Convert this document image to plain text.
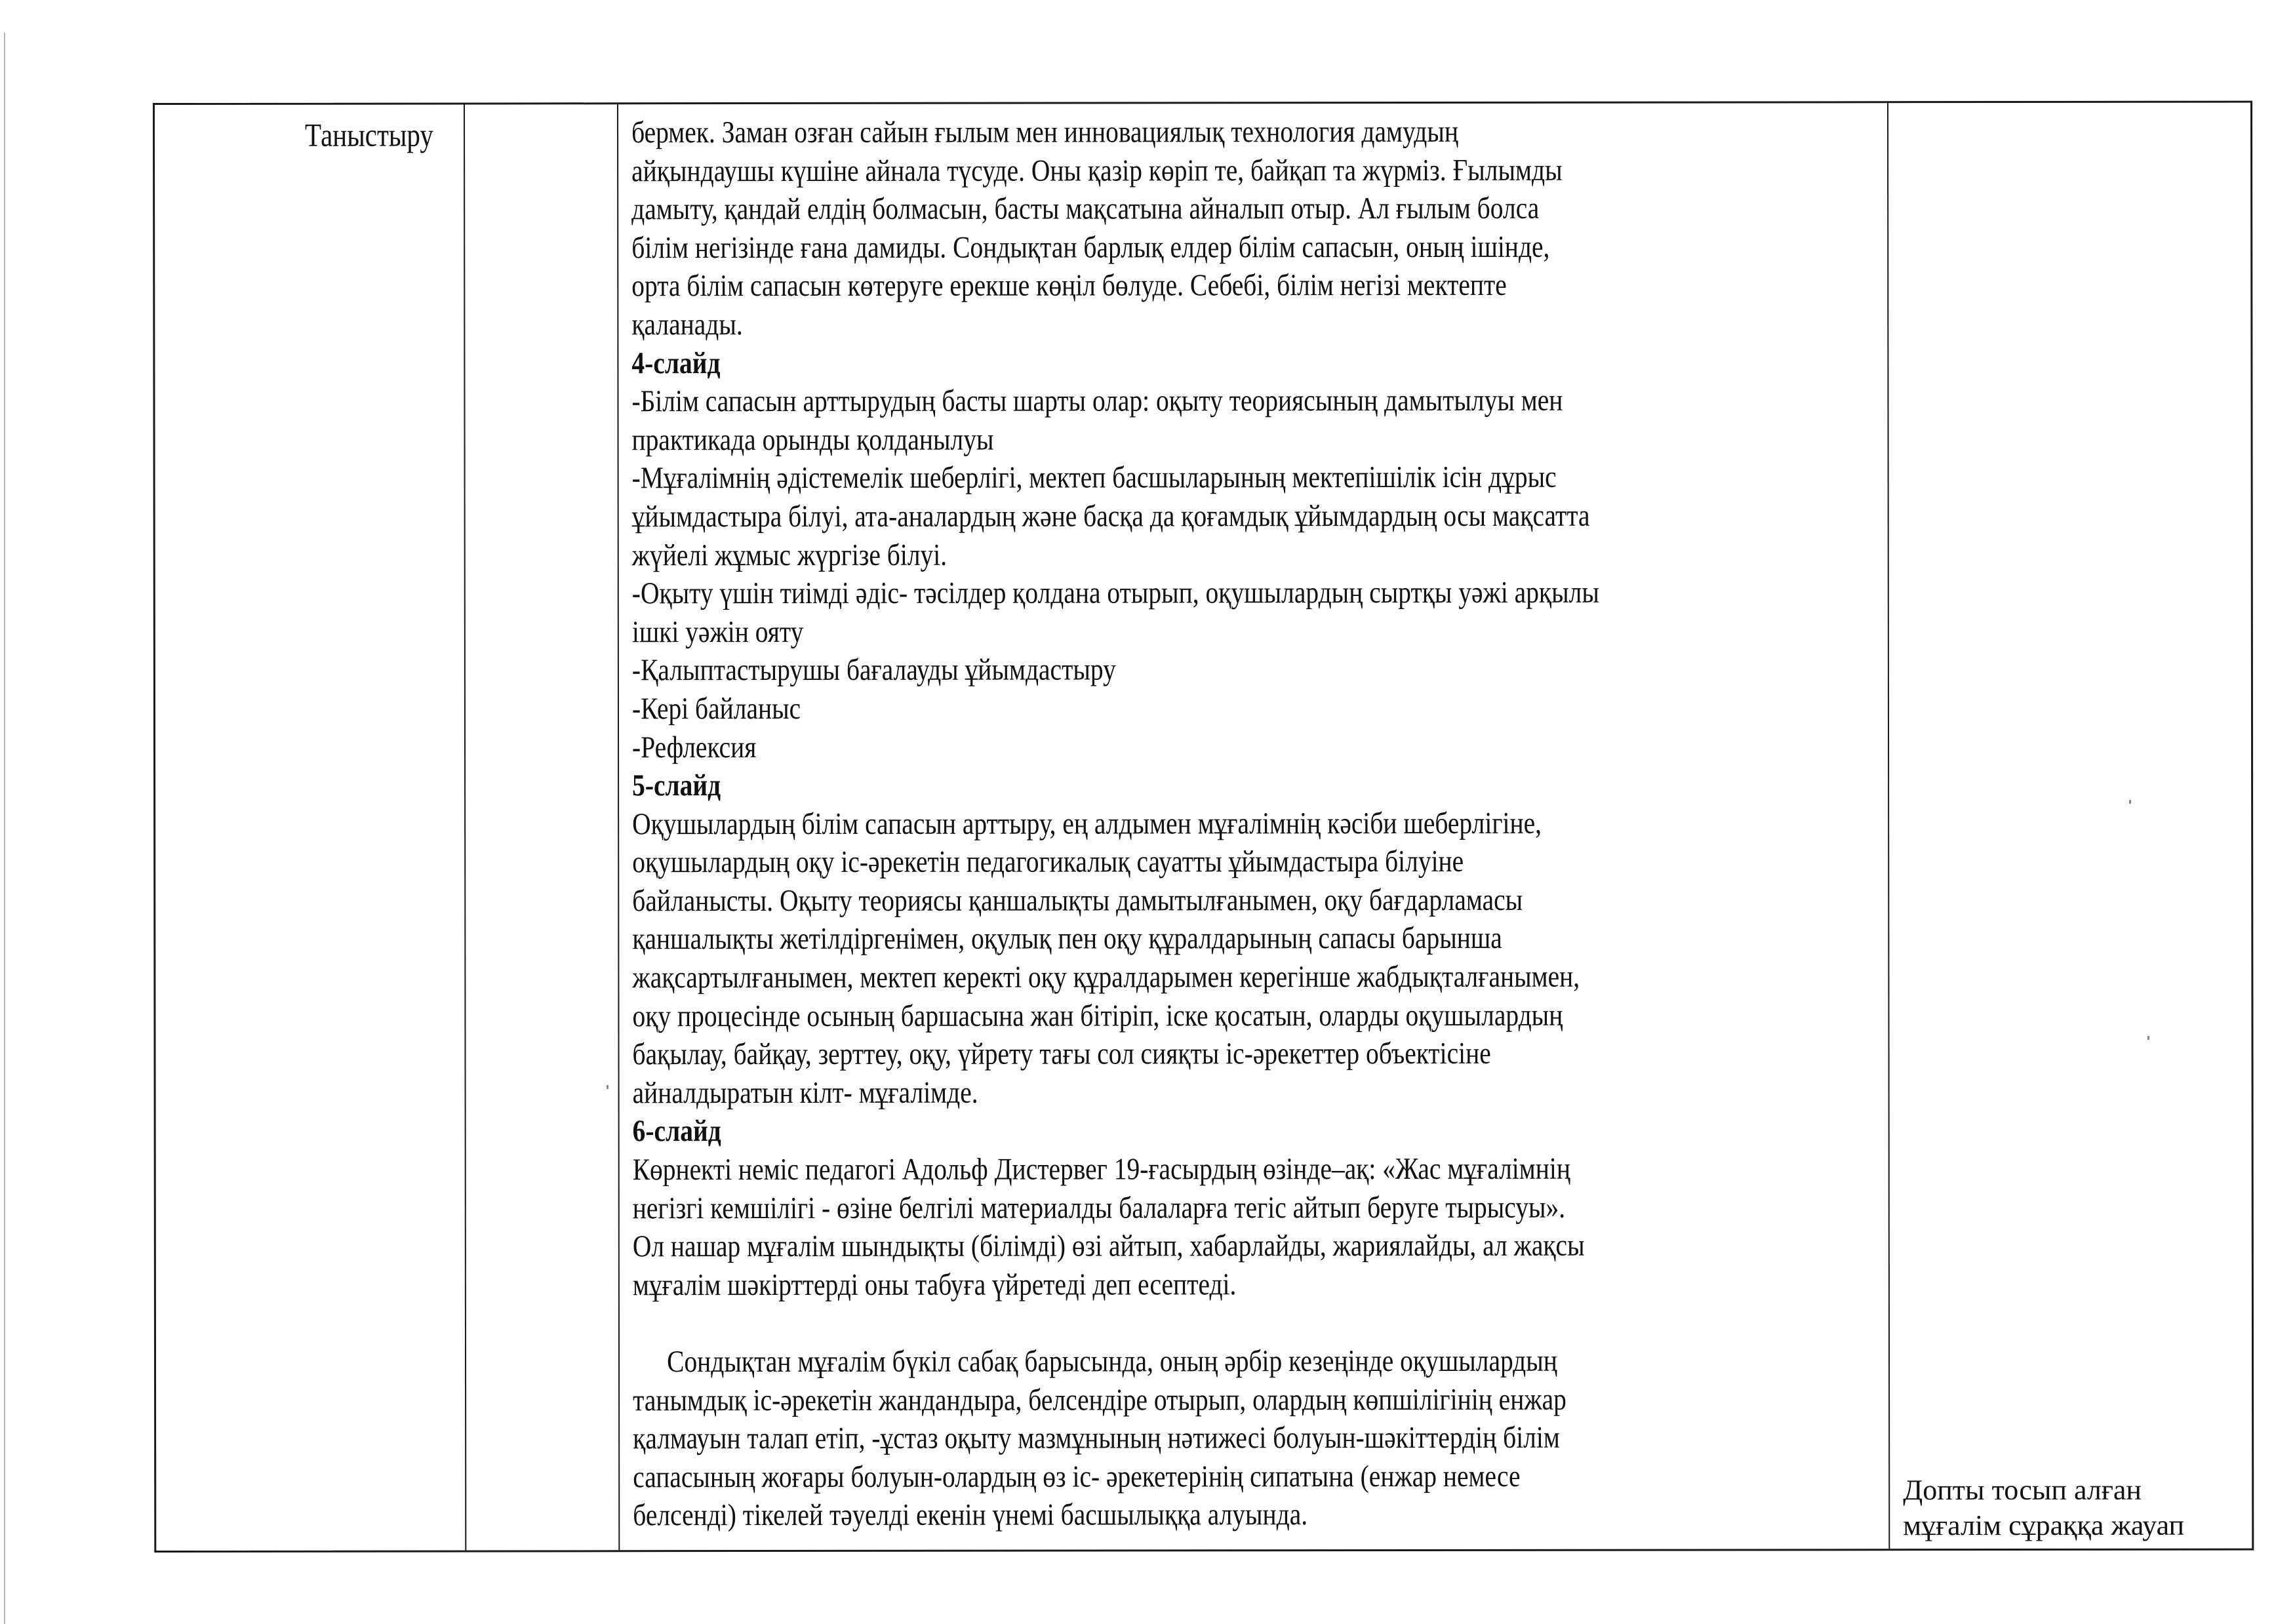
Таныстыру	бермек. Заман озған сайын ғылым мен инновациялық технология дамудың
айқындаушы күшіне айнала түсуде. Оны қазір көріп те, байқап та жүрміз. Ғылымды
дамыту, қандай елдің болмасын, басты мақсатына айналып отыр. Ал ғылым болса
білім негізінде ғана дамиды. Сондықтан барлық елдер білім сапасын, оның ішінде,
орта білім сапасын көтеруге ерекше көңіл бөлуде. Себебі, білім негізі мектепте
қаланады.
4-слайд
-Білім сапасын арттырудың басты шарты олар: оқыту теориясының дамытылуы мен
практикада орынды қолданылуы
-Мұғалімнің әдістемелік шеберлігі, мектеп басшыларының мектепішілік ісін дұрыс
ұйымдастыра білуі, ата-аналардың және басқа да қоғамдық ұйымдардың осы мақсатта
жүйелі жұмыс жүргізе білуі.
-Оқыту үшін тиімді әдіс- тәсілдер қолдана отырып, оқушылардың сыртқы уәжі арқылы
ішкі уәжін ояту
-Қалыптастырушы бағалауды ұйымдастыру
-Кері байланыс
-Рефлексия
5-слайд
Оқушылардың білім сапасын арттыру, ең алдымен мұғалімнің кәсіби шеберлігіне,
оқушылардың оқу іс-әрекетін педагогикалық сауатты ұйымдастыра білуіне
байланысты. Оқыту теориясы қаншалықты дамытылғанымен, оқу бағдарламасы
қаншалықты жетілдіргенімен, оқулық пен оқу құралдарының сапасы барынша
жақсартылғанымен, мектеп керекті оқу құралдарымен керегінше жабдықталғанымен,
оқу процесінде осының баршасына жан бітіріп, іске қосатын, оларды оқушылардың
бақылау, байқау, зерттеу, оқу, үйрету тағы сол сияқты іс-әрекеттер объектісіне
айналдыратын кілт- мұғалімде.
6-слайд
Көрнекті неміс педагогі Адольф Дистервег 19-ғасырдың өзінде–ақ: «Жас мұғалімнің
негізгі кемшілігі - өзіне белгілі материалды балаларға тегіс айтып беруге тырысуы».
Ол нашар мұғалім шындықты (білімді) өзі айтып, хабарлайды, жариялайды, ал жақсы
мұғалім шәкірттерді оны табуға үйретеді деп есептеді.
Сондықтан мұғалім бүкіл сабақ барысында, оның әрбір кезеңінде оқушылардың
танымдық іс-әрекетін жандандыра, белсендіре отырып, олардың көпшілігінің енжар
қалмауын талап етіп, -ұстаз оқыту мазмұнының нәтижесі болуын-шәкіттердің білім
сапасының жоғары болуын-олардың өз іс- әрекетерінің сипатына (енжар немесе
белсенді) тікелей тәуелді екенін үнемі басшылыққа алуында.
Допты тосып алған
мұғалім сұраққа жауап
